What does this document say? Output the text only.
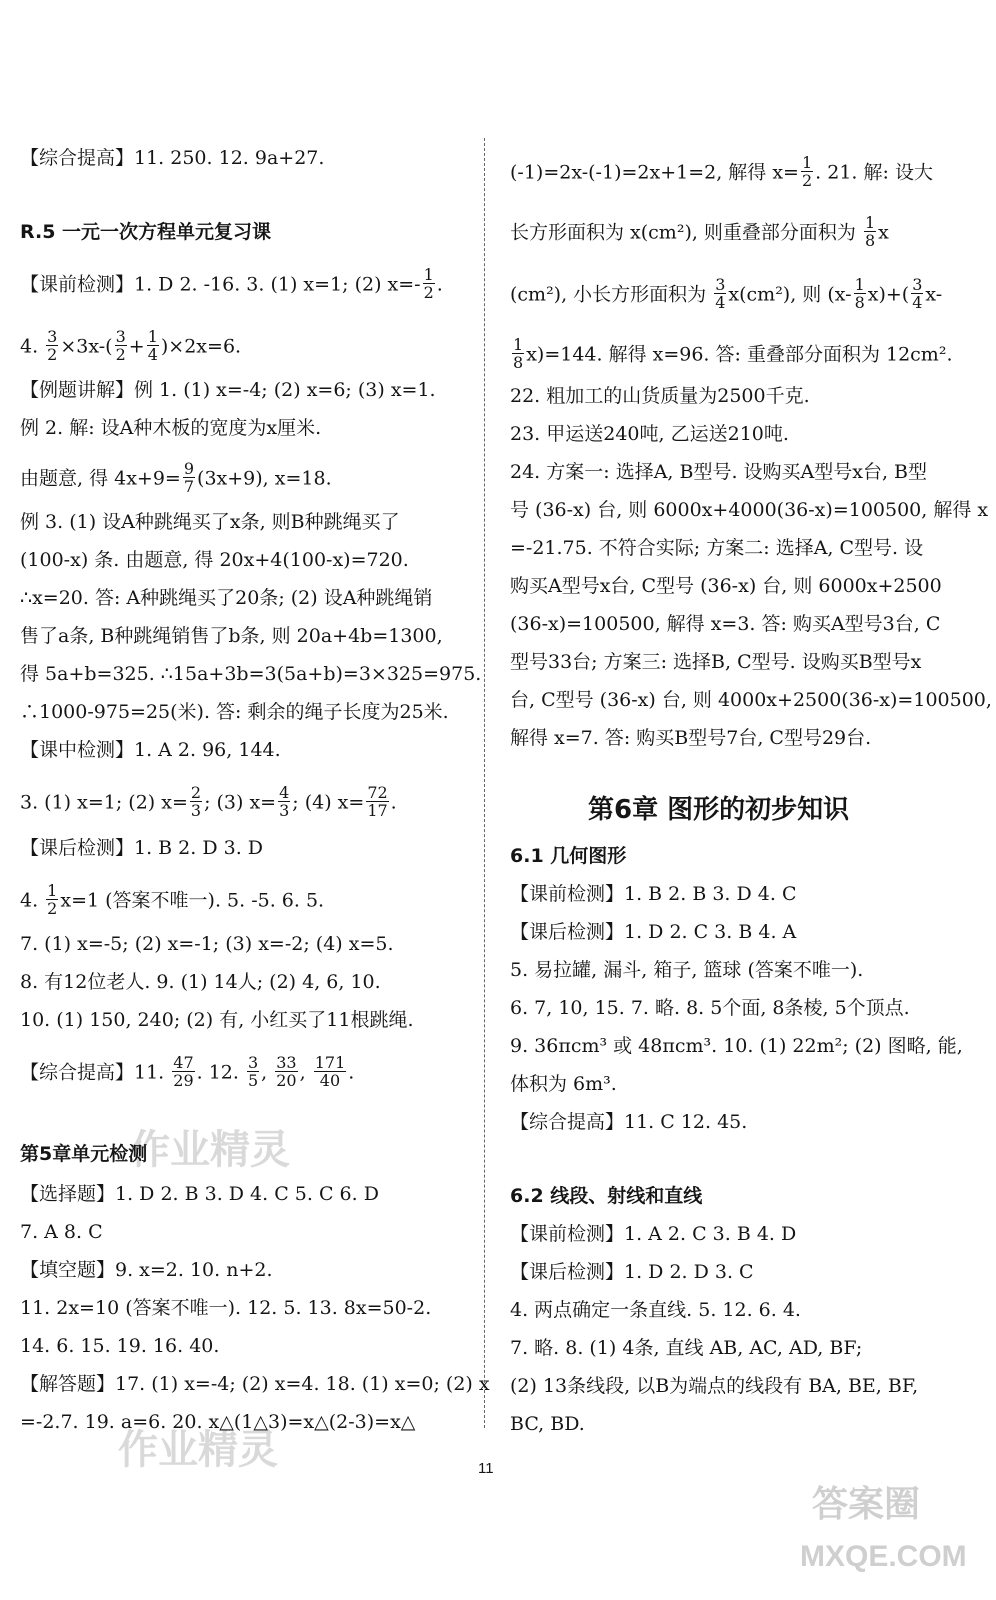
作业精灵
作业精灵
答案圈
MXQE.COM
【综合提高】11. 250. 12. 9a+27.
R.5 一元一次方程单元复习课
【课前检测】1. D 2. -16. 3. (1) x=1; (2) $x=- \frac{1}{2}$ .
4. $\frac{3}{2} \times 3x-( \frac{3}{2} + \frac{1}{4} )\times 2x=6$.
【例题讲解】例 1. (1) x=-4; (2) x=6; (3) x=1.
例 2. 解: 设A种木板的宽度为x厘米.
由题意, 得 $4x+9= \frac{9}{7} (3x+9)$, x=18.
例 3. (1) 设A种跳绳买了x条, 则B种跳绳买了
(100-x) 条. 由题意, 得 20x+4(100-x)=720.
∴x=20. 答: A种跳绳买了20条; (2) 设A种跳绳销
售了a条, B种跳绳销售了b条, 则 20a+4b=1300,
得 5a+b=325. ∴15a+3b=3(5a+b)=3×325=975.
∴1000-975=25(米). 答: 剩余的绳子长度为25米.
【课中检测】1. A 2. 96, 144.
3. (1) x=1; (2) $x= \frac{2}{3}$ ; (3) $x= \frac{4}{3}$ ; (4) $x= \frac{72}{17}$ .
【课后检测】1. B 2. D 3. D
4. $\frac{1}{2} x=1$ (答案不唯一). 5. -5. 6. 5.
7. (1) x=-5; (2) x=-1; (3) x=-2; (4) x=5.
8. 有12位老人. 9. (1) 14人; (2) 4, 6, 10.
10. (1) 150, 240; (2) 有, 小红买了11根跳绳.
【综合提高】11. $\frac{47}{29}$ . 12. $\frac{3}{5}$ , $\frac{33}{20}$ , $\frac{171}{40}$ .
第5章单元检测
【选择题】1. D 2. B 3. D 4. C 5. C 6. D
7. A 8. C
【填空题】9. x=2. 10. n+2.
11. 2x=10 (答案不唯一). 12. 5. 13. 8x=50-2.
14. 6. 15. 19. 16. 40.
【解答题】17. (1) x=-4; (2) x=4. 18. (1) x=0; (2) x
=-2.7. 19. a=6. 20. x△(1△3)=x△(2-3)=x△
(-1)=2x-(-1)=2x+1=2, 解得 $x= \frac{1}{2}$ . 21. 解: 设大
长方形面积为 x(cm²), 则重叠部分面积为 $\frac{1}{8}$ x
(cm²), 小长方形面积为 $\frac{3}{4} x(cm^2)$, 则 $(x- \frac{1}{8} x)+( \frac{3}{4} x-$
$\frac{1}{8} x)=144$. 解得 x=96. 答: 重叠部分面积为 12cm².
22. 粗加工的山货质量为2500千克.
23. 甲运送240吨, 乙运送210吨.
24. 方案一: 选择A, B型号. 设购买A型号x台, B型
号 (36-x) 台, 则 6000x+4000(36-x)=100500, 解得 x
=-21.75. 不符合实际; 方案二: 选择A, C型号. 设
购买A型号x台, C型号 (36-x) 台, 则 6000x+2500
(36-x)=100500, 解得 x=3. 答: 购买A型号3台, C
型号33台; 方案三: 选择B, C型号. 设购买B型号x
台, C型号 (36-x) 台, 则 4000x+2500(36-x)=100500,
解得 x=7. 答: 购买B型号7台, C型号29台.
第6章 图形的初步知识
6.1 几何图形
【课前检测】1. B 2. B 3. D 4. C
【课后检测】1. D 2. C 3. B 4. A
5. 易拉罐, 漏斗, 箱子, 篮球 (答案不唯一).
6. 7, 10, 15. 7. 略. 8. 5个面, 8条棱, 5个顶点.
9. 36πcm³ 或 48πcm³. 10. (1) 22m²; (2) 图略, 能,
体积为 6m³.
【综合提高】11. C 12. 45.
6.2 线段、射线和直线
【课前检测】1. A 2. C 3. B 4. D
【课后检测】1. D 2. D 3. C
4. 两点确定一条直线. 5. 12. 6. 4.
7. 略. 8. (1) 4条, 直线 AB, AC, AD, BF;
(2) 13条线段, 以B为端点的线段有 BA, BE, BF,
BC, BD.
11
